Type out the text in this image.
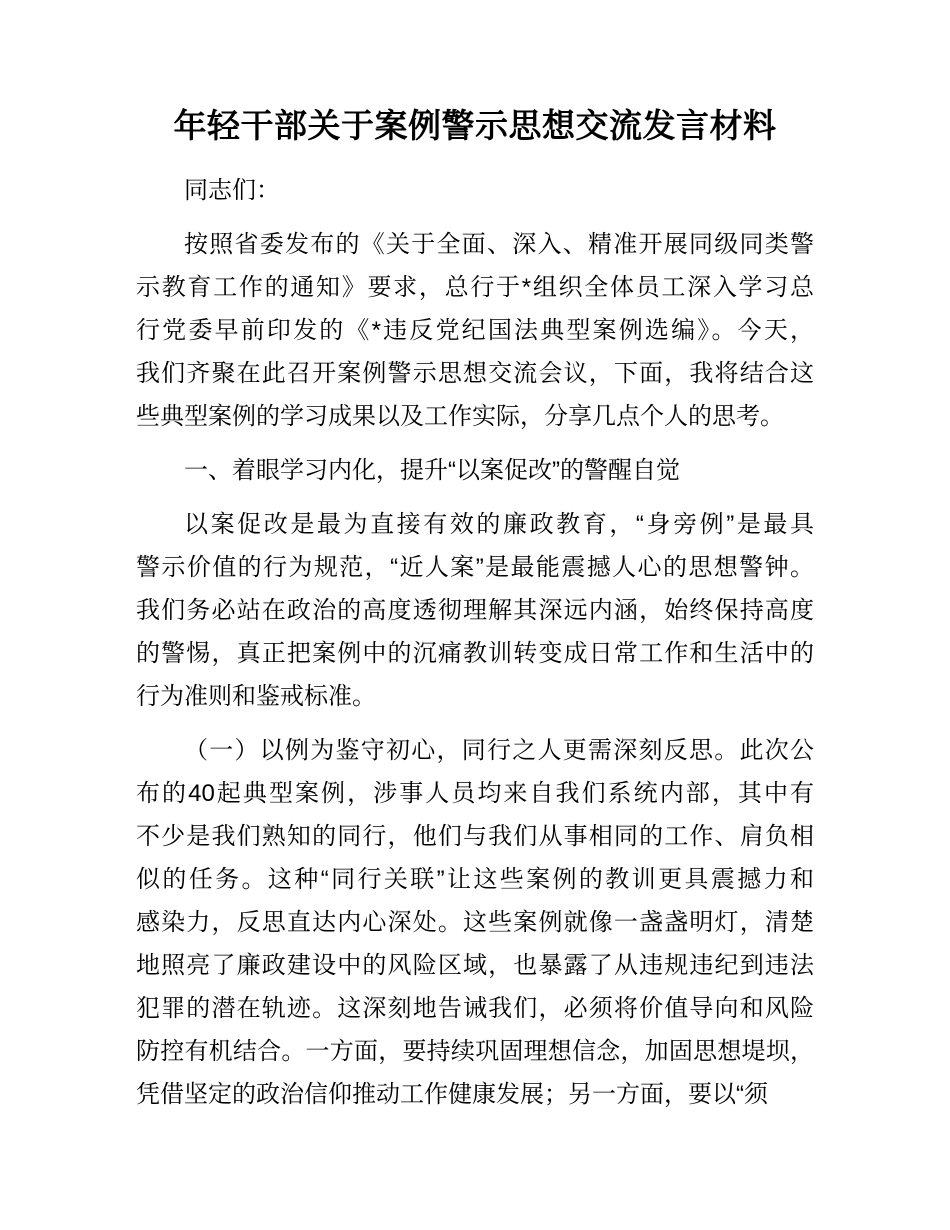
年轻干部关于案例警示思想交流发言材料
同志们：
按照省委发布的《关于全面、深入、精准开展同级同类警
示教育工作的通知》要求，总行于*组织全体员工深入学习总
行党委早前印发的《*违反党纪国法典型案例选编》。今天，
我们齐聚在此召开案例警示思想交流会议，下面，我将结合这
些典型案例的学习成果以及工作实际，分享几点个人的思考。
一、着眼学习内化，提升“以案促改”的警醒自觉
以案促改是最为直接有效的廉政教育，“身旁例”是最具
警示价值的行为规范，“近人案”是最能震撼人心的思想警钟。
我们务必站在政治的高度透彻理解其深远内涵，始终保持高度
的警惕，真正把案例中的沉痛教训转变成日常工作和生活中的
行为准则和鉴戒标准。
（一）以例为鉴守初心，同行之人更需深刻反思。此次公
布的40起典型案例，涉事人员均来自我们系统内部，其中有
不少是我们熟知的同行，他们与我们从事相同的工作、肩负相
似的任务。这种“同行关联”让这些案例的教训更具震撼力和
感染力，反思直达内心深处。这些案例就像一盏盏明灯，清楚
地照亮了廉政建设中的风险区域，也暴露了从违规违纪到违法
犯罪的潜在轨迹。这深刻地告诫我们，必须将价值导向和风险
防控有机结合。一方面，要持续巩固理想信念，加固思想堤坝，
凭借坚定的政治信仰推动工作健康发展；另一方面，要以“须
